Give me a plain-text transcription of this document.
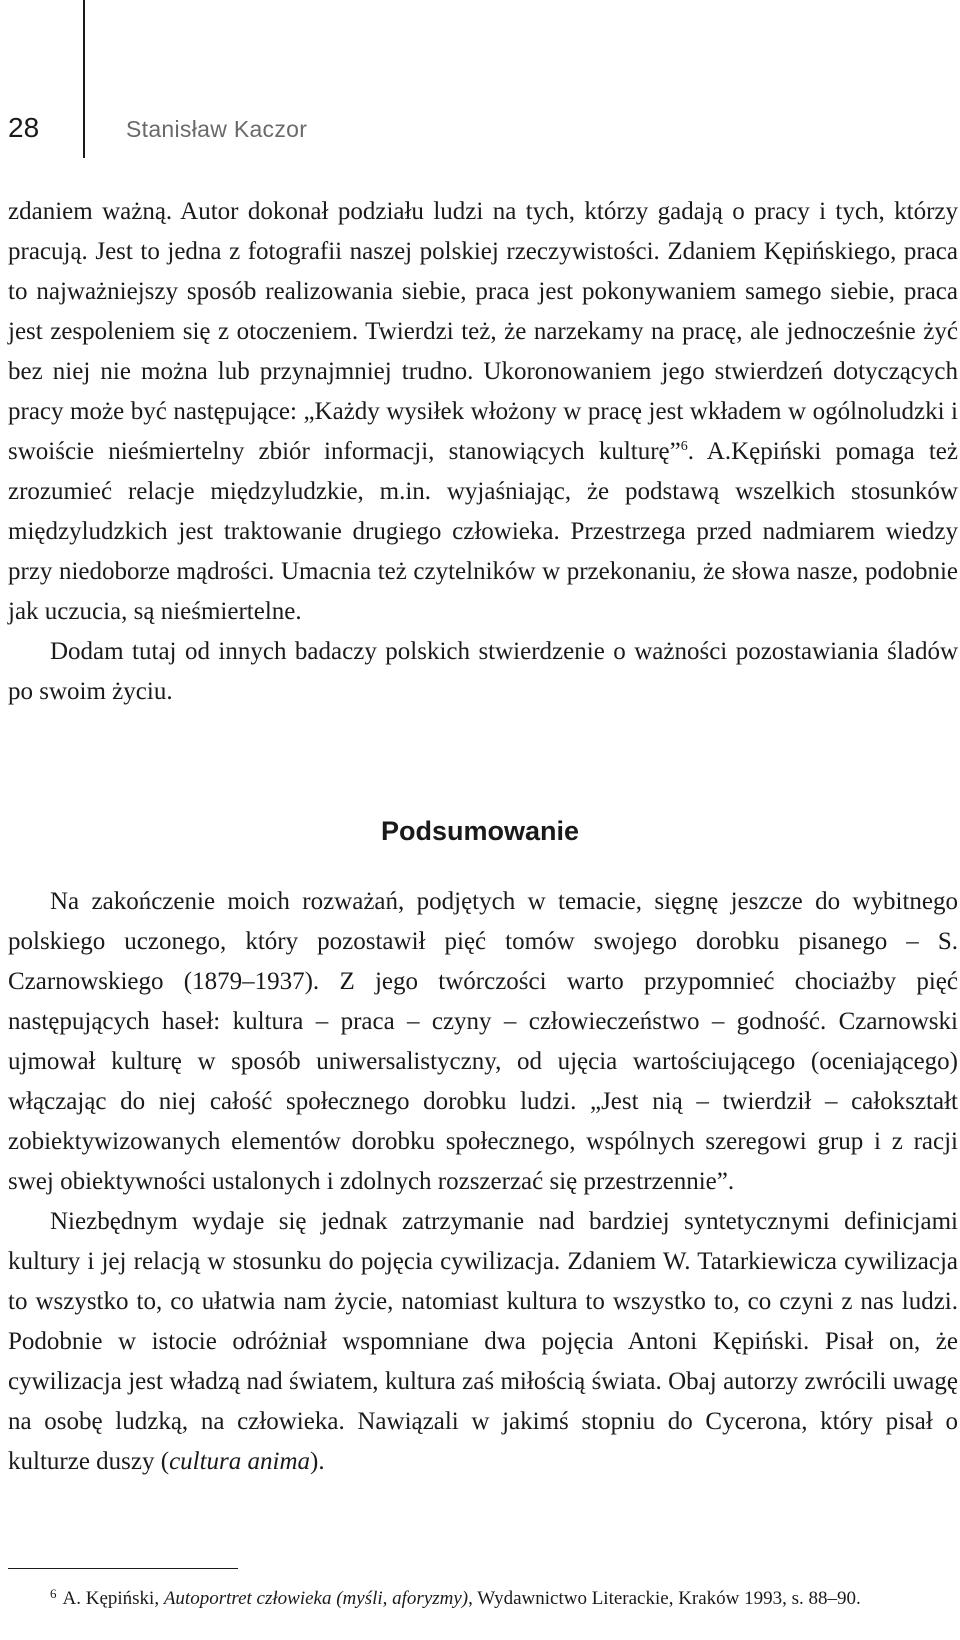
28	Stanisław Kaczor

zdaniem ważną. Autor dokonał podziału ludzi na tych, którzy gadają o pracy i tych, którzy pracują. Jest to jedna z fotografii naszej polskiej rzeczywistości. Zdaniem Kępińskiego, praca to najważniejszy sposób realizowania siebie, praca jest pokonywaniem samego siebie, praca jest zespoleniem się z otoczeniem. Twierdzi też, że narzekamy na pracę, ale jednocześnie żyć bez niej nie można lub przynajmniej trudno. Ukoronowaniem jego stwierdzeń dotyczących pracy może być następujące: „Każdy wysiłek włożony w pracę jest wkładem w ogólnoludzki i swoiście nieśmiertelny zbiór informacji, stanowiących kulturę”$^6$. A.Kępiński pomaga też zrozumieć relacje międzyludzkie, m.in. wyjaśniając, że podstawą wszelkich stosunków międzyludzkich jest traktowanie drugiego człowieka. Przestrzega przed nadmiarem wiedzy przy niedoborze mądrości. Umacnia też czytelników w przekonaniu, że słowa nasze, podobnie jak uczucia, są nieśmiertelne.

Dodam tutaj od innych badaczy polskich stwierdzenie o ważności pozostawiania śladów po swoim życiu.

Podsumowanie

Na zakończenie moich rozważań, podjętych w temacie, sięgnę jeszcze do wybitnego polskiego uczonego, który pozostawił pięć tomów swojego dorobku pisanego – S. Czarnowskiego (1879–1937). Z jego twórczości warto przypomnieć chociażby pięć następujących haseł: kultura – praca – czyny – człowieczeństwo – godność. Czarnowski ujmował kulturę w sposób uniwersalistyczny, od ujęcia wartościującego (oceniającego) włączając do niej całość społecznego dorobku ludzi. „Jest nią – twierdził – całokształt zobiektywizowanych elementów dorobku społecznego, wspólnych szeregowi grup i z racji swej obiektywności ustalonych i zdolnych rozszerzać się przestrzennie”.

Niezbędnym wydaje się jednak zatrzymanie nad bardziej syntetycznymi definicjami kultury i jej relacją w stosunku do pojęcia cywilizacja. Zdaniem W. Tatarkiewicza cywilizacja to wszystko to, co ułatwia nam życie, natomiast kultura to wszystko to, co czyni z nas ludzi. Podobnie w istocie odróżniał wspomniane dwa pojęcia Antoni Kępiński. Pisał on, że cywilizacja jest władzą nad światem, kultura zaś miłością świata. Obaj autorzy zwrócili uwagę na osobę ludzką, na człowieka. Nawiązali w jakimś stopniu do Cycerona, który pisał o kulturze duszy (cultura anima).

$^6$ A. Kępiński, Autoportret człowieka (myśli, aforyzmy), Wydawnictwo Literackie, Kraków 1993, s. 88–90.
